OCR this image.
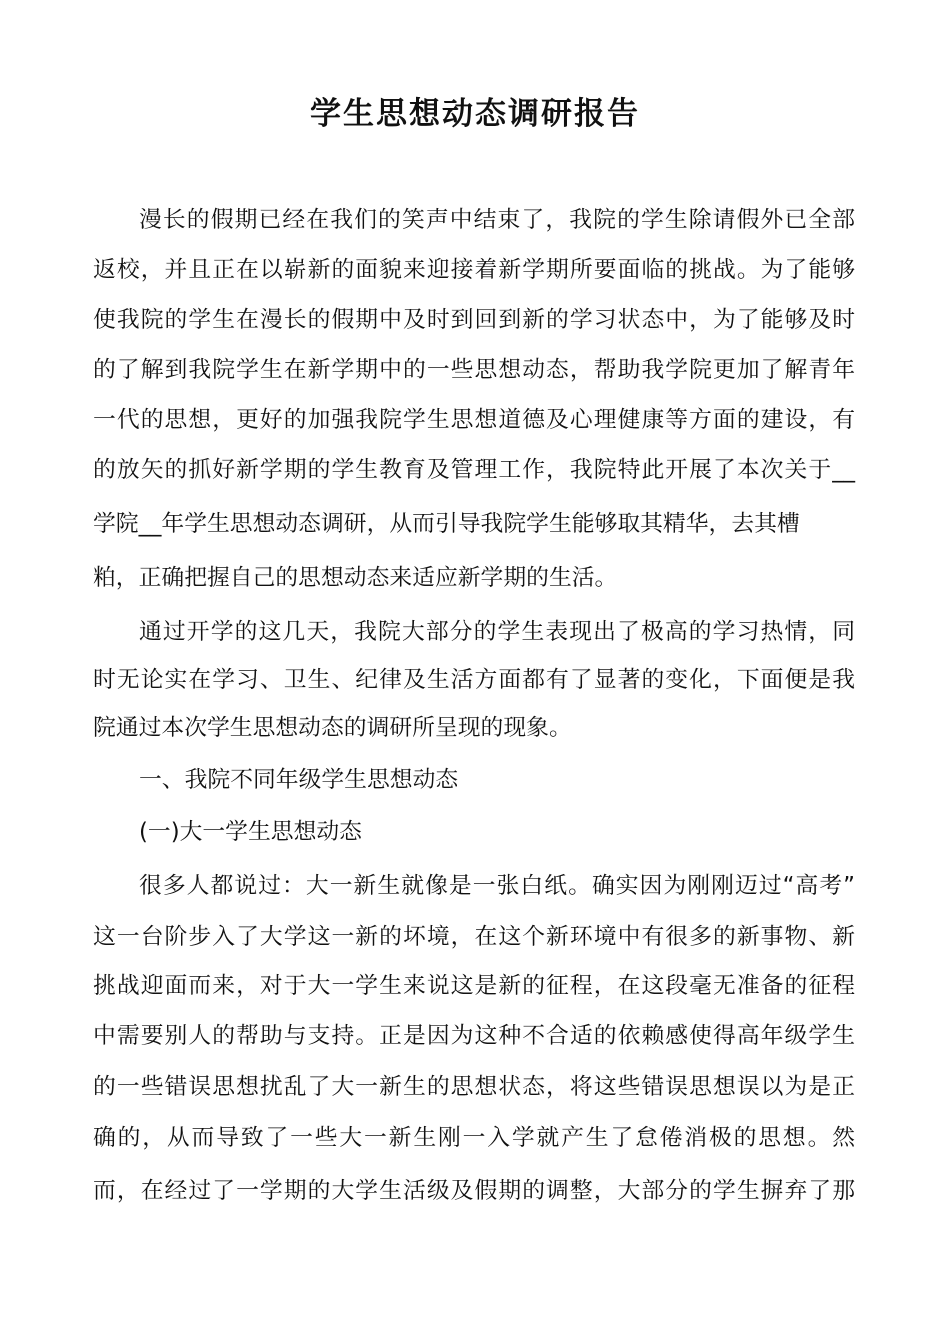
学生思想动态调研报告
漫长的假期已经在我们的笑声中结束了，我院的学生除请假外已全部
返校，并且正在以崭新的面貌来迎接着新学期所要面临的挑战。为了能够
使我院的学生在漫长的假期中及时到回到新的学习状态中，为了能够及时
的了解到我院学生在新学期中的一些思想动态，帮助我学院更加了解青年
一代的思想，更好的加强我院学生思想道德及心理健康等方面的建设，有
的放矢的抓好新学期的学生教育及管理工作，我院特此开展了本次关于__
学院__年学生思想动态调研，从而引导我院学生能够取其精华，去其槽
粕，正确把握自己的思想动态来适应新学期的生活。
通过开学的这几天，我院大部分的学生表现出了极高的学习热情，同
时无论实在学习、卫生、纪律及生活方面都有了显著的变化，下面便是我
院通过本次学生思想动态的调研所呈现的现象。
一、我院不同年级学生思想动态
(一)大一学生思想动态
很多人都说过：大一新生就像是一张白纸。确实因为刚刚迈过“高考”
这一台阶步入了大学这一新的坏境，在这个新环境中有很多的新事物、新
挑战迎面而来，对于大一学生来说这是新的征程，在这段毫无准备的征程
中需要别人的帮助与支持。正是因为这种不合适的依赖感使得高年级学生
的一些错误思想扰乱了大一新生的思想状态，将这些错误思想误以为是正
确的，从而导致了一些大一新生刚一入学就产生了怠倦消极的思想。然
而，在经过了一学期的大学生活级及假期的调整，大部分的学生摒弃了那
